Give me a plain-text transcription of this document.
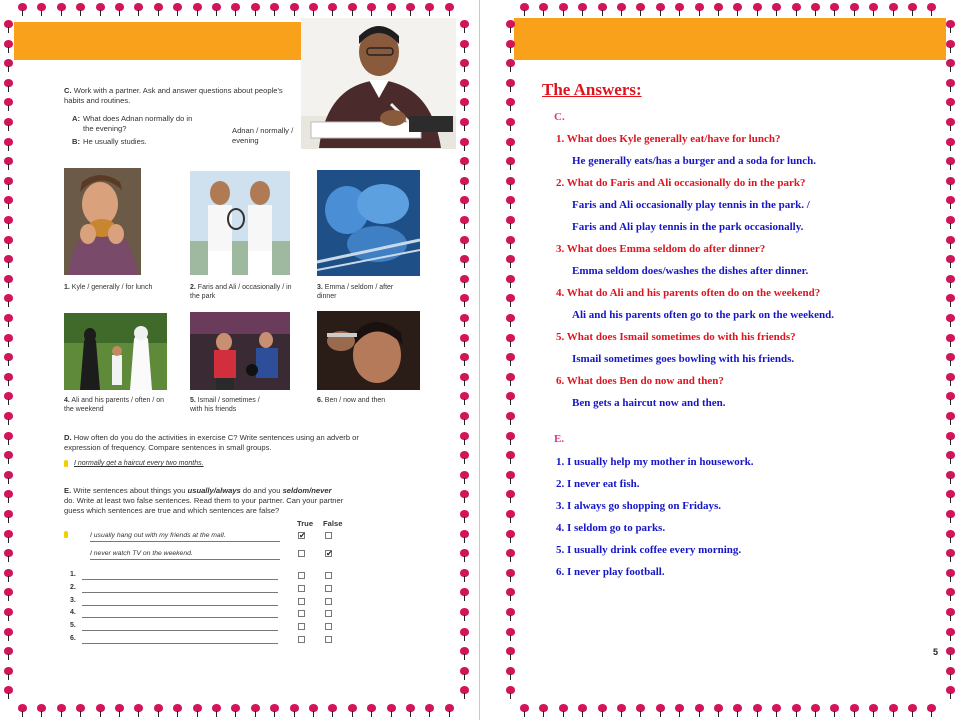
C. Work with a partner. Ask and answer questions about people's habits and routines.
A: What does Adnan normally do in the evening?
B: He usually studies.
Adnan / normally / evening
1. Kyle / generally / for lunch	2. Faris and Ali / occasionally / in the park
3. Emma / seldom / after dinner
4. Ali and his parents / often / on the weekend
5. Ismail / sometimes / with his friends
6. Ben / now and then
D. How often do you do the activities in exercise C? Write sentences using an adverb or expression of frequency. Compare sentences in small groups.
I normally get a haircut every two months.
E. Write sentences about things you usually/always do and you seldom/never do. Write at least two false sentences. Read them to your partner. Can your partner guess which sentences are true and which sentences are false?
True False
I usually hang out with my friends at the mall.
I never watch TV on the weekend.
✔
✔
1.
2.
3.
4.
5.
6.
The Answers:
C.
1. What does Kyle generally eat/have for lunch?
He generally eats/has a burger and a soda for lunch.
2. What do Faris and Ali occasionally do in the park?
Faris and Ali occasionally play tennis in the park. /
Faris and Ali play tennis in the park occasionally.
3. What does Emma seldom do after dinner?
Emma seldom does/washes the dishes after dinner.
4. What do Ali and his parents often do on the weekend?
Ali and his parents often go to the park on the weekend.
5. What does Ismail sometimes do with his friends?
Ismail sometimes goes bowling with his friends.
6. What does Ben do now and then?
Ben gets a haircut now and then.
E.
1. I usually help my mother in housework.
2. I never eat fish.
3. I always go shopping on Fridays.
4. I seldom go to parks.
5. I usually drink coffee every morning.
6. I never play football.
5
